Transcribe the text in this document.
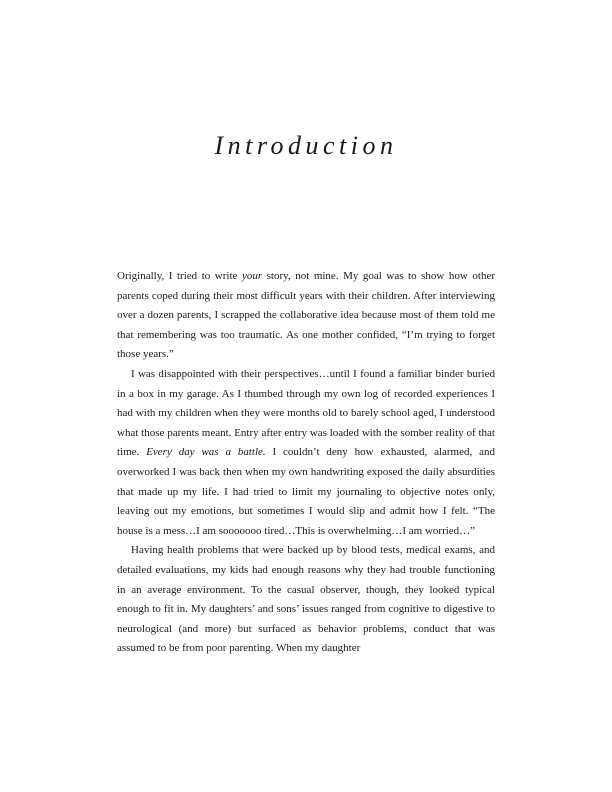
Introduction

Originally, I tried to write your story, not mine. My goal was to show how other parents coped during their most difficult years with their children. After interviewing over a dozen parents, I scrapped the collaborative idea because most of them told me that remembering was too traumatic. As one mother confided, “I’m trying to forget those years.”

I was disappointed with their perspectives…until I found a familiar binder buried in a box in my garage. As I thumbed through my own log of recorded experiences I had with my children when they were months old to barely school aged, I understood what those parents meant. Entry after entry was loaded with the somber reality of that time. Every day was a battle. I couldn’t deny how exhausted, alarmed, and overworked I was back then when my own handwriting exposed the daily absurdities that made up my life. I had tried to limit my journaling to objective notes only, leaving out my emotions, but sometimes I would slip and admit how I felt. “The house is a mess…I am sooooooo tired…This is overwhelming…I am worried…”

Having health problems that were backed up by blood tests, medical exams, and detailed evaluations, my kids had enough reasons why they had trouble functioning in an average environment. To the casual observer, though, they looked typical enough to fit in. My daughters’ and sons’ issues ranged from cognitive to digestive to neurological (and more) but surfaced as behavior problems, conduct that was assumed to be from poor parenting. When my daughter
